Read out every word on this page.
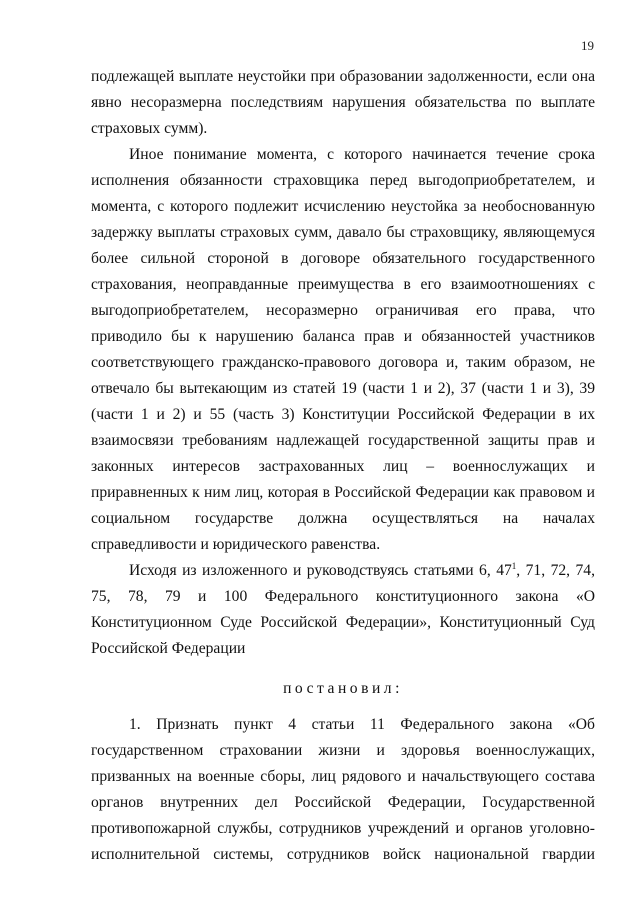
19
подлежащей выплате неустойки при образовании задолженности, если она
явно несоразмерна последствиям нарушения обязательства по выплате
страховых сумм).
Иное понимание момента, с которого начинается течение срока
исполнения обязанности страховщика перед выгодоприобретателем, и
момента, с которого подлежит исчислению неустойка за необоснованную
задержку выплаты страховых сумм, давало бы страховщику, являющемуся
более сильной стороной в договоре обязательного государственного
страхования, неоправданные преимущества в его взаимоотношениях с
выгодоприобретателем, несоразмерно ограничивая его права, что
приводило бы к нарушению баланса прав и обязанностей участников
соответствующего гражданско-правового договора и, таким образом, не
отвечало бы вытекающим из статей 19 (части 1 и 2), 37 (части 1 и 3), 39
(части 1 и 2) и 55 (часть 3) Конституции Российской Федерации в их
взаимосвязи требованиям надлежащей государственной защиты прав и
законных интересов застрахованных лиц – военнослужащих и
приравненных к ним лиц, которая в Российской Федерации как правовом и
социальном государстве должна осуществляться на началах
справедливости и юридического равенства.
Исходя из изложенного и руководствуясь статьями 6, $47^1$, 71, 72, 74,
75, 78, 79 и 100 Федерального конституционного закона «О
Конституционном Суде Российской Федерации», Конституционный Суд
Российской Федерации
постановил:
1. Признать пункт 4 статьи 11 Федерального закона «Об
государственном страховании жизни и здоровья военнослужащих,
призванных на военные сборы, лиц рядового и начальствующего состава
органов внутренних дел Российской Федерации, Государственной
противопожарной службы, сотрудников учреждений и органов уголовно-
исполнительной системы, сотрудников войск национальной гвардии
